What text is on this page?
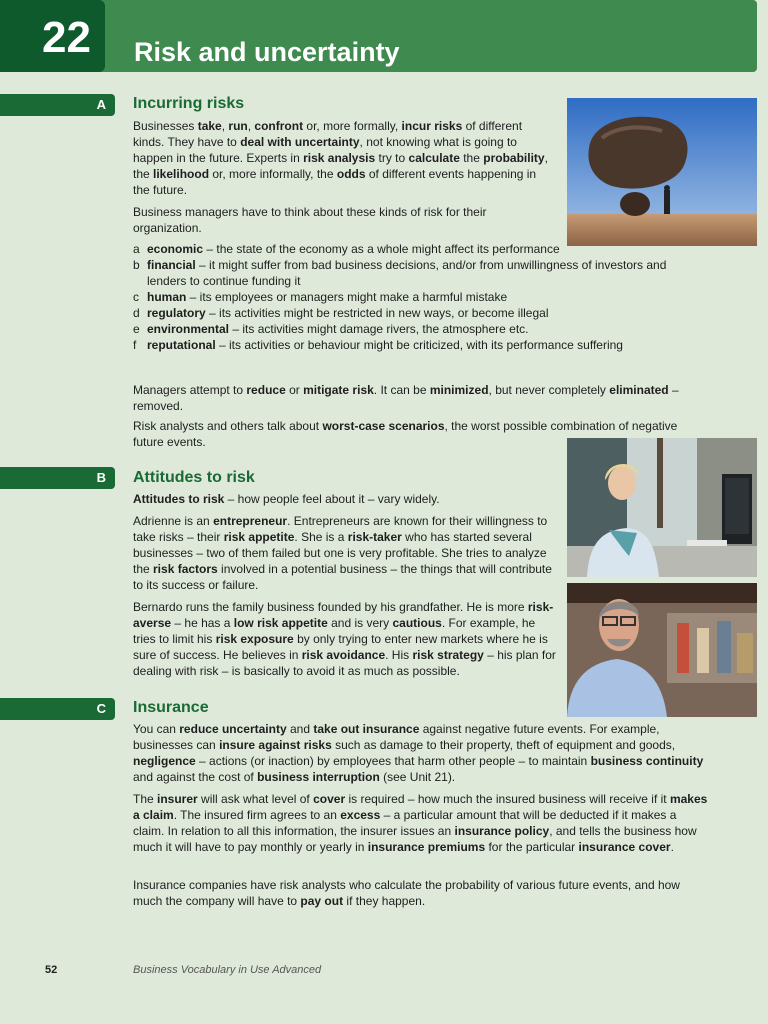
22 Risk and uncertainty
A Incurring risks

Businesses take, run, confront or, more formally, incur risks of different kinds. They have to deal with uncertainty, not knowing what is going to happen in the future. Experts in risk analysis try to calculate the probability, the likelihood or, more informally, the odds of different events happening in the future.

Business managers have to think about these kinds of risk for their organization.

a economic – the state of the economy as a whole might affect its performance
b financial – it might suffer from bad business decisions, and/or from unwillingness of investors and lenders to continue funding it
c human – its employees or managers might make a harmful mistake
d regulatory – its activities might be restricted in new ways, or become illegal
e environmental – its activities might damage rivers, the atmosphere etc.
f reputational – its activities or behaviour might be criticized, with its performance suffering

Managers attempt to reduce or mitigate risk. It can be minimized, but never completely eliminated – removed.

Risk analysts and others talk about worst-case scenarios, the worst possible combination of negative future events.

B Attitudes to risk

Attitudes to risk – how people feel about it – vary widely.

Adrienne is an entrepreneur. Entrepreneurs are known for their willingness to take risks – their risk appetite. She is a risk-taker who has started several businesses – two of them failed but one is very profitable. She tries to analyze the risk factors involved in a potential business – the things that will contribute to its success or failure.

Bernardo runs the family business founded by his grandfather. He is more risk-averse – he has a low risk appetite and is very cautious. For example, he tries to limit his risk exposure by only trying to enter new markets where he is sure of success. He believes in risk avoidance. His risk strategy – his plan for dealing with risk – is basically to avoid it as much as possible.

C Insurance

You can reduce uncertainty and take out insurance against negative future events. For example, businesses can insure against risks such as damage to their property, theft of equipment and goods, negligence – actions (or inaction) by employees that harm other people – to maintain business continuity and against the cost of business interruption (see Unit 21).

The insurer will ask what level of cover is required – how much the insured business will receive if it makes a claim. The insured firm agrees to an excess – a particular amount that will be deducted if it makes a claim. In relation to all this information, the insurer issues an insurance policy, and tells the business how much it will have to pay monthly or yearly in insurance premiums for the particular insurance cover.

Insurance companies have risk analysts who calculate the probability of various future events, and how much the company will have to pay out if they happen.

52	Business Vocabulary in Use Advanced
